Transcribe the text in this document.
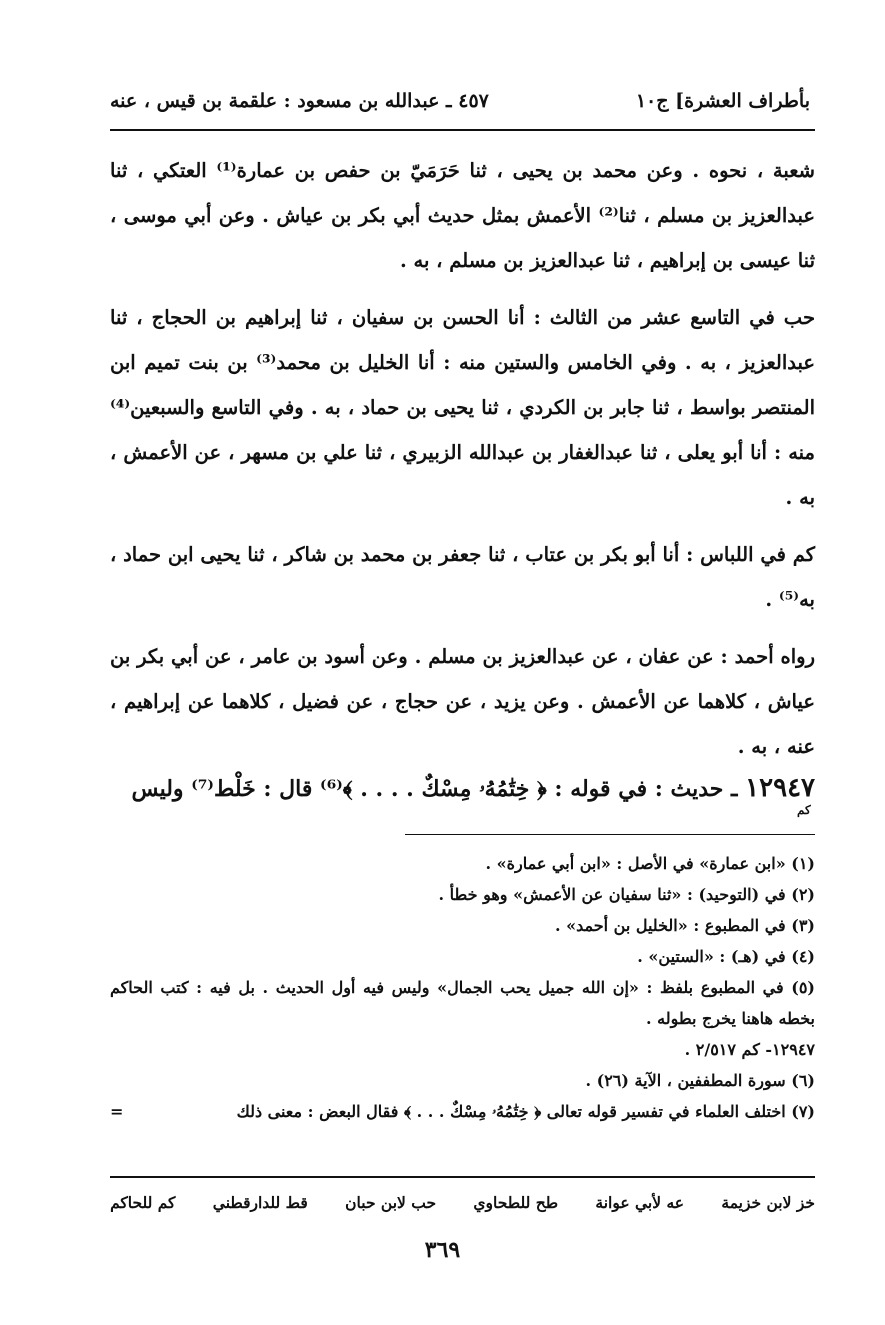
بأطراف العشرة] ج١٠
٤٥٧ ـ عبدالله بن مسعود : علقمة بن قيس ، عنه

شعبة ، نحوه . وعن محمد بن يحيى ، ثنا حَرَمَيّ بن حفص بن عمارة⁽¹⁾ العتكي ، ثنا عبدالعزيز بن مسلم ، ثنا⁽²⁾ الأعمش بمثل حديث أبي بكر بن عياش . وعن أبي موسى ، ثنا عيسى بن إبراهيم ، ثنا عبدالعزيز بن مسلم ، به .

حب في التاسع عشر من الثالث : أنا الحسن بن سفيان ، ثنا إبراهيم بن الحجاج ، ثنا عبدالعزيز ، به . وفي الخامس والستين منه : أنا الخليل بن محمد⁽³⁾ بن بنت تميم ابن المنتصر بواسط ، ثنا جابر بن الكردي ، ثنا يحيى بن حماد ، به . وفي التاسع والسبعين⁽⁴⁾ منه : أنا أبو يعلى ، ثنا عبدالغفار بن عبدالله الزبيري ، ثنا علي بن مسهر ، عن الأعمش ، به .

كم في اللباس : أنا أبو بكر بن عتاب ، ثنا جعفر بن محمد بن شاكر ، ثنا يحيى ابن حماد ، به⁽⁵⁾ .

رواه أحمد : عن عفان ، عن عبدالعزيز بن مسلم . وعن أسود بن عامر ، عن أبي بكر بن عياش ، كلاهما عن الأعمش . وعن يزيد ، عن حجاج ، عن فضيل ، كلاهما عن إبراهيم ، عنه ، به .

١٢٩٤٧ ـ حديث : في قوله : ﴿ خِتَٰمُهُۥ مِسْكٌ . . . . ﴾⁽⁶⁾ قال : خَلْط⁽⁷⁾ وليس
كم

(١) «ابن عمارة» في الأصل : «ابن أبي عمارة» .

(٢) في (التوحيد) : «ثنا سفيان عن الأعمش» وهو خطأ .

(٣) في المطبوع : «الخليل بن أحمد» .

(٤) في (هـ) : «الستين» .

(٥) في المطبوع بلفظ : «إن الله جميل يحب الجمال» وليس فيه أول الحديث . بل فيه : كتب الحاكم بخطه هاهنا يخرج بطوله .

١٢٩٤٧- كم ٢/٥١٧ .

(٦) سورة المطففين ، الآية (٢٦) .

(٧) اختلف العلماء في تفسير قوله تعالى ﴿ خِتَٰمُهُۥ مِسْكٌ . . . ﴾ فقال البعض : معنى ذلك
=

خز لابن خزيمة
عه لأبي عوانة
طح للطحاوي
حب لابن حبان
قط للدارقطني
كم للحاكم
٣٦٩
